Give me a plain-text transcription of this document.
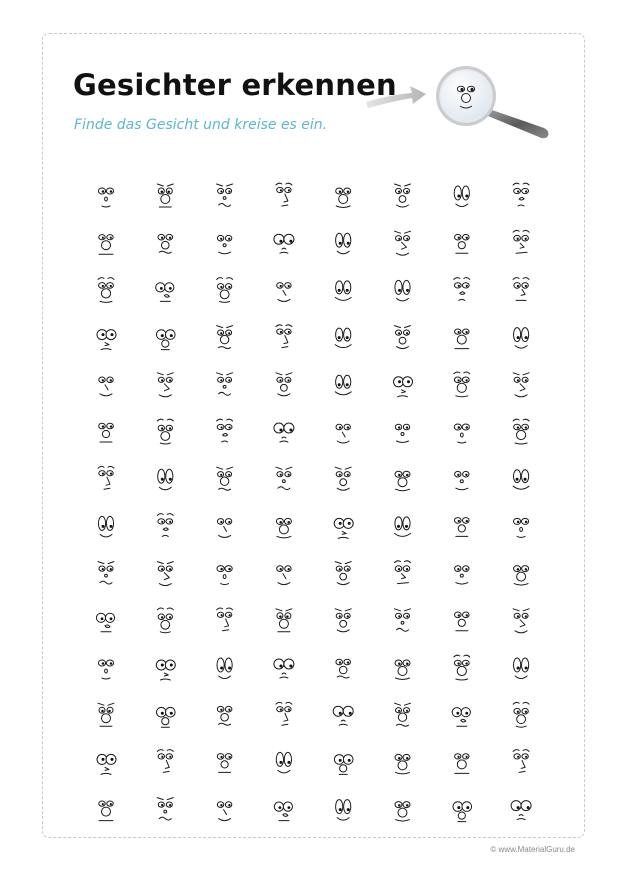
Gesichter erkennen
Finde das Gesicht und kreise es ein.
© www.MaterialGuru.de
